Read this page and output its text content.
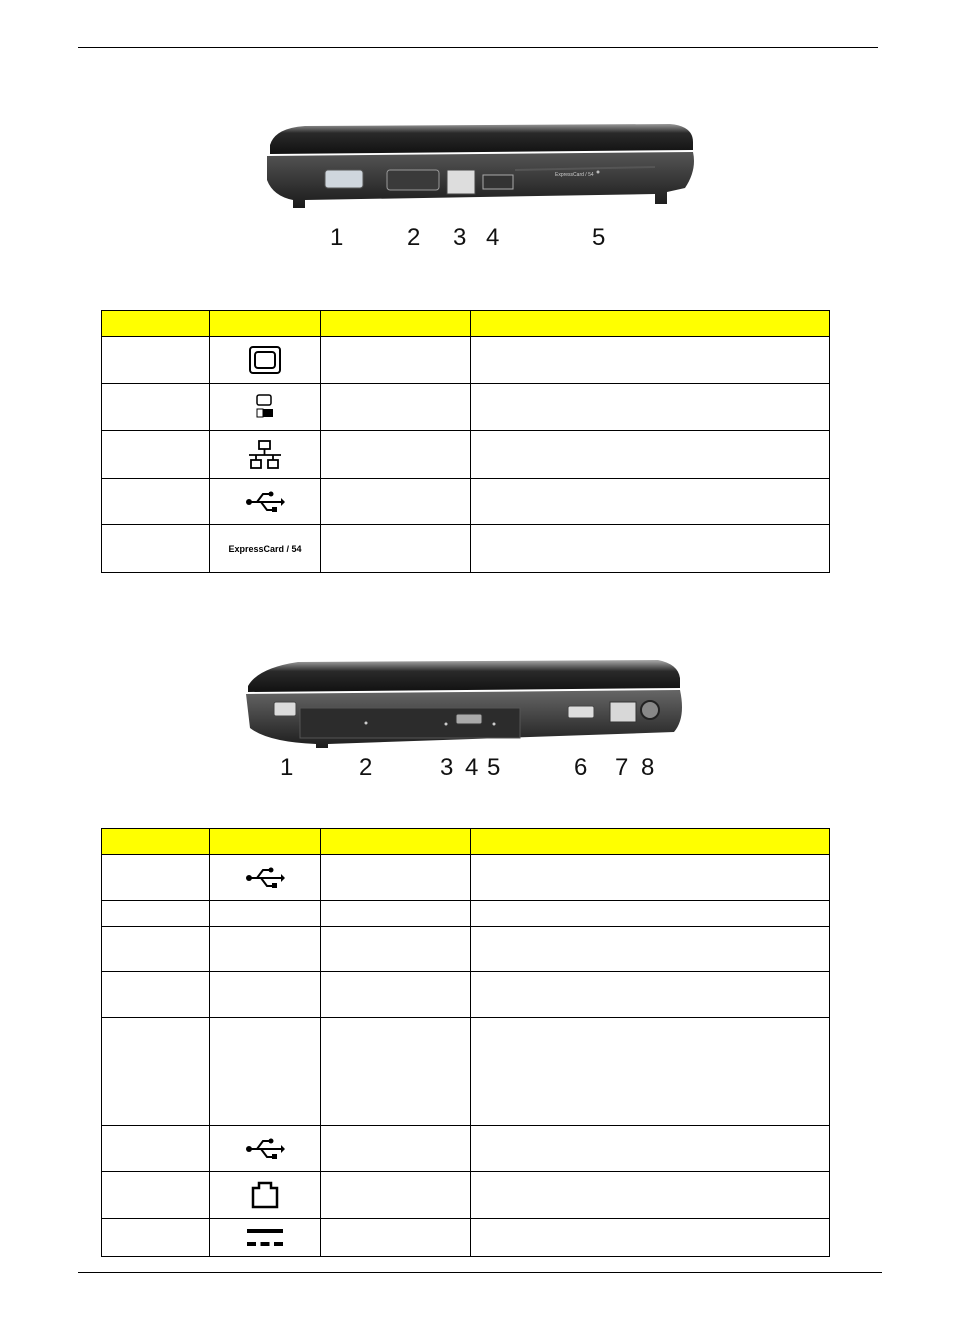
ExpressCard / 54
1	2 3 4	5

	ExpressCard / 54		
1	2	3 4 5	6 7 8
